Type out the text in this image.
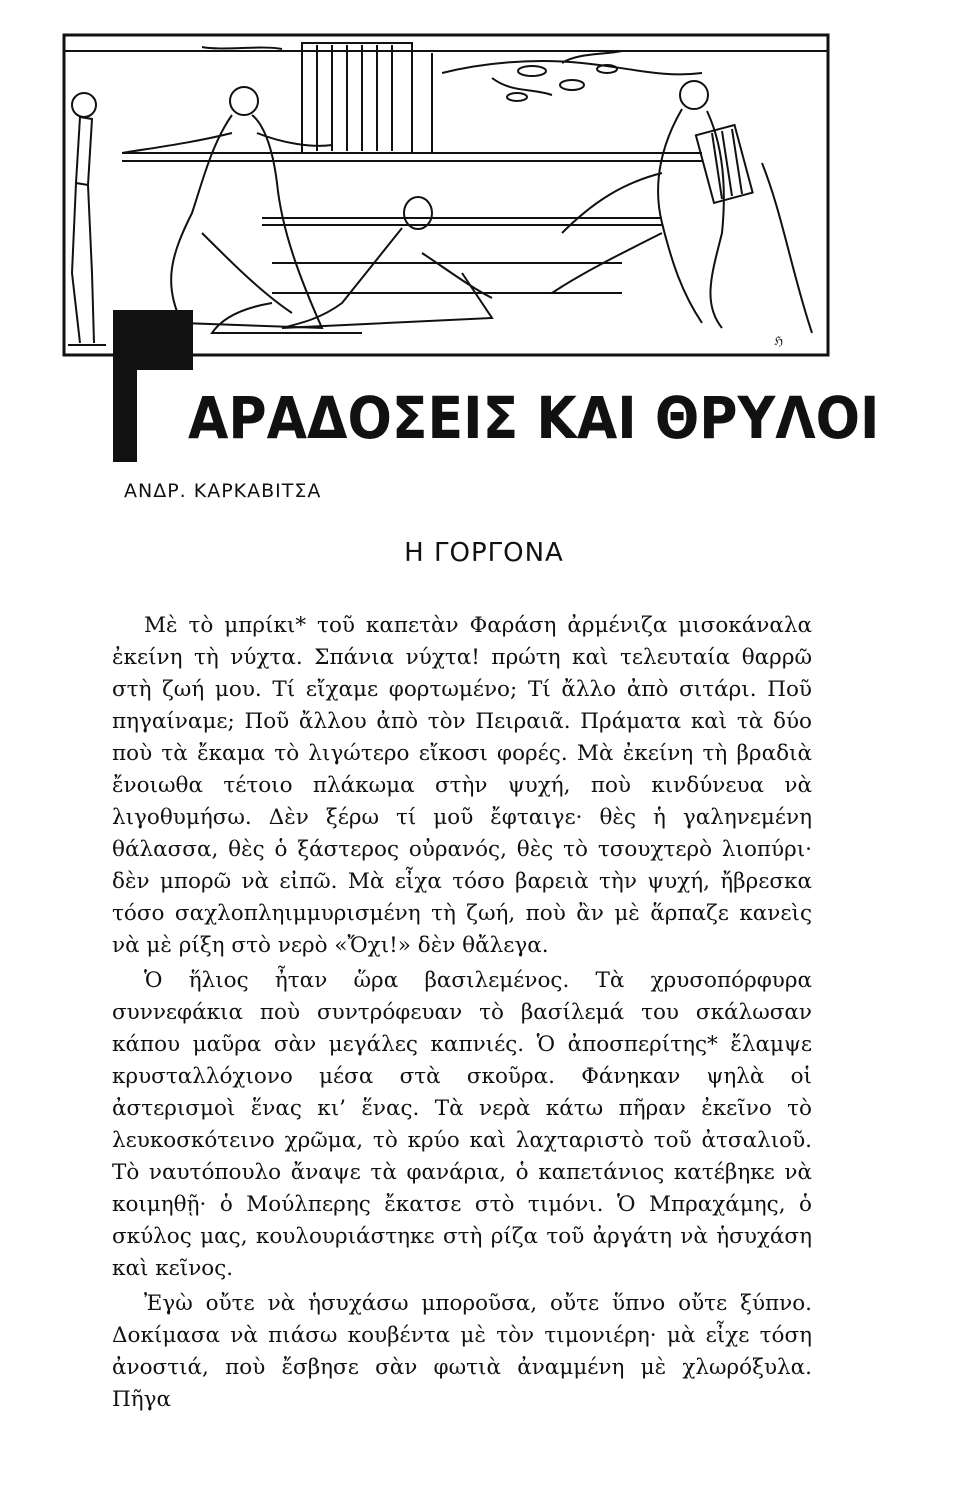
ℌ
ΑΡΑΔΟΣΕΙΣ ΚΑΙ ΘΡΥΛΟΙ
ΑΝΔΡ. ΚΑΡΚΑΒΙΤΣΑ
Η ΓΟΡΓΟΝΑ

Μὲ τὸ μπρίκι* τοῦ καπετὰν Φαράση ἀρμένιζα μισοκάναλα ἐκείνη τὴ νύχτα. Σπάνια νύχτα! πρώτη καὶ τελευταία θαρρῶ στὴ ζωή μου. Τί εἴχαμε φορτωμένο; Τί ἄλλο ἀπὸ σιτάρι. Ποῦ πηγαίναμε; Ποῦ ἄλλου ἀπὸ τὸν Πειραιᾶ. Πράματα καὶ τὰ δύο ποὺ τὰ ἔκαμα τὸ λιγώτερο εἴκοσι φορές. Μὰ ἐκείνη τὴ βραδιὰ ἔνοιωθα τέτοιο πλάκωμα στὴν ψυχή, ποὺ κινδύνευα νὰ λιγοθυμήσω. Δὲν ξέρω τί μοῦ ἔφταιγε· θὲς ἡ γαληνεμένη θάλασσα, θὲς ὁ ξάστερος οὐρανός, θὲς τὸ τσουχτερὸ λιοπύρι· δὲν μπορῶ νὰ εἰπῶ. Μὰ εἶχα τόσο βαρειὰ τὴν ψυχή, ἤβρεσκα τόσο σαχλοπληιμμυρισμένη τὴ ζωή, ποὺ ἂν μὲ ἅρπαζε κανεὶς νὰ μὲ ρίξη στὸ νερὸ «Ὄχι!» δὲν θἄλεγα.

Ὁ ἥλιος ἦταν ὥρα βασιλεμένος. Τὰ χρυσοπόρφυρα συννεφάκια ποὺ συντρόφευαν τὸ βασίλεμά του σκάλωσαν κάπου μαῦρα σὰν μεγάλες καπνιές. Ὁ ἀποσπερίτης* ἔλαμψε κρυσταλλόχιονο μέσα στὰ σκοῦρα. Φάνηκαν ψηλὰ οἱ ἀστερισμοὶ ἕνας κι’ ἕνας. Τὰ νερὰ κάτω πῆραν ἐκεῖνο τὸ λευκοσκότεινο χρῶμα, τὸ κρύο καὶ λαχταριστὸ τοῦ ἀτσαλιοῦ. Τὸ ναυτόπουλο ἄναψε τὰ φανάρια, ὁ καπετάνιος κατέβηκε νὰ κοιμηθῇ· ὁ Μούλπερης ἔκατσε στὸ τιμόνι. Ὁ Μπραχάμης, ὁ σκύλος μας, κουλουριάστηκε στὴ ρίζα τοῦ ἀργάτη νὰ ἡσυχάση καὶ κεῖνος.

Ἐγὼ οὔτε νὰ ἡσυχάσω μποροῦσα, οὔτε ὕπνο οὔτε ξύπνο. Δοκίμασα νὰ πιάσω κουβέντα μὲ τὸν τιμονιέρη· μὰ εἶχε τόση ἀνοστιά, ποὺ ἔσβησε σὰν φωτιὰ ἀναμμένη μὲ χλωρόξυλα. Πῆγα
